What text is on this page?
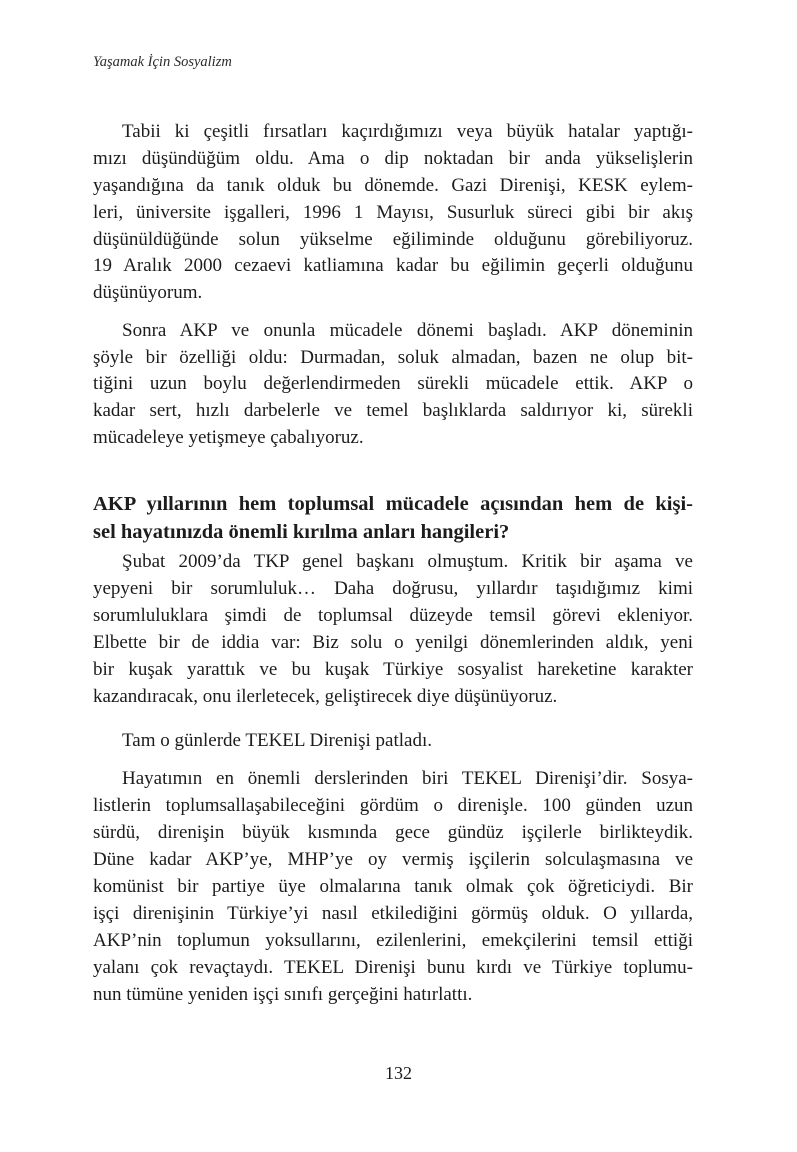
Yaşamak İçin Sosyalizm
Tabii ki çeşitli fırsatları kaçırdığımızı veya büyük hatalar yaptığı-
mızı düşündüğüm oldu. Ama o dip noktadan bir anda yükselişlerin
yaşandığına da tanık olduk bu dönemde. Gazi Direnişi, KESK eylem-
leri, üniversite işgalleri, 1996 1 Mayısı, Susurluk süreci gibi bir akış
düşünüldüğünde solun yükselme eğiliminde olduğunu görebiliyoruz.
19 Aralık 2000 cezaevi katliamına kadar bu eğilimin geçerli olduğunu
düşünüyorum.
Sonra AKP ve onunla mücadele dönemi başladı. AKP döneminin
şöyle bir özelliği oldu: Durmadan, soluk almadan, bazen ne olup bit-
tiğini uzun boylu değerlendirmeden sürekli mücadele ettik. AKP o
kadar sert, hızlı darbelerle ve temel başlıklarda saldırıyor ki, sürekli
mücadeleye yetişmeye çabalıyoruz.
AKP yıllarının hem toplumsal mücadele açısından hem de kişi-
sel hayatınızda önemli kırılma anları hangileri?
Şubat 2009’da TKP genel başkanı olmuştum. Kritik bir aşama ve
yepyeni bir sorumluluk… Daha doğrusu, yıllardır taşıdığımız kimi
sorumluluklara şimdi de toplumsal düzeyde temsil görevi ekleniyor.
Elbette bir de iddia var: Biz solu o yenilgi dönemlerinden aldık, yeni
bir kuşak yarattık ve bu kuşak Türkiye sosyalist hareketine karakter
kazandıracak, onu ilerletecek, geliştirecek diye düşünüyoruz.
Tam o günlerde TEKEL Direnişi patladı.
Hayatımın en önemli derslerinden biri TEKEL Direnişi’dir. Sosya-
listlerin toplumsallaşabileceğini gördüm o direnişle. 100 günden uzun
sürdü, direnişin büyük kısmında gece gündüz işçilerle birlikteydik.
Düne kadar AKP’ye, MHP’ye oy vermiş işçilerin solculaşmasına ve
komünist bir partiye üye olmalarına tanık olmak çok öğreticiydi. Bir
işçi direnişinin Türkiye’yi nasıl etkilediğini görmüş olduk. O yıllarda,
AKP’nin toplumun yoksullarını, ezilenlerini, emekçilerini temsil ettiği
yalanı çok revaçtaydı. TEKEL Direnişi bunu kırdı ve Türkiye toplumu-
nun tümüne yeniden işçi sınıfı gerçeğini hatırlattı.
132
